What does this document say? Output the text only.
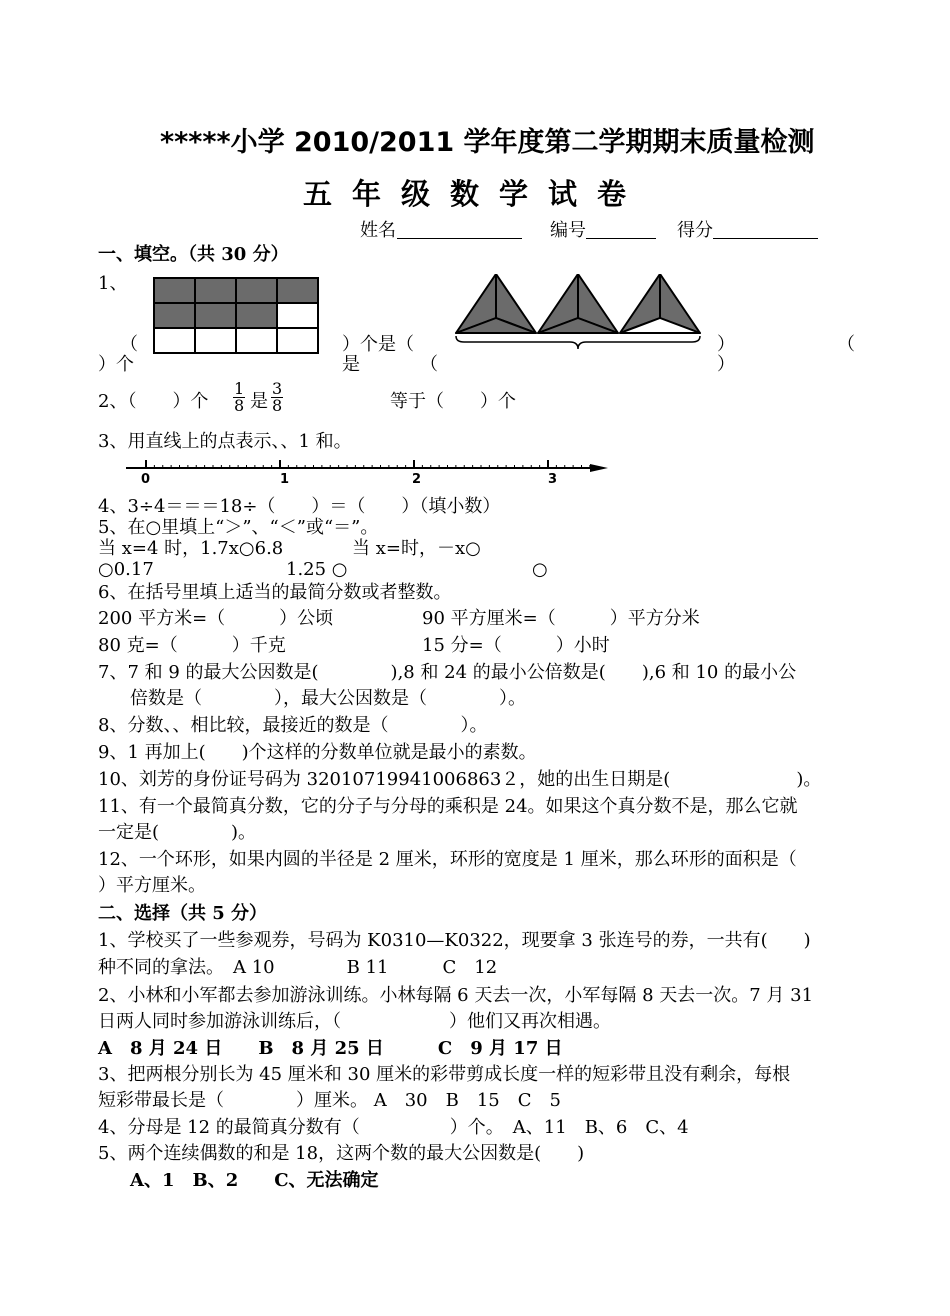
*****小学 2010/2011 学年度第二学期期末质量检测
五年级数学试卷
姓名	编号	得分
一、填空。（共 30 分）
1、
（	）个是（	）	（
）个	是	（	）
2、（　　）个 $\frac{1}{8}$ 是 $\frac{3}{8}$	等于（　　）个
3、用直线上的点表示、、1 和。
0	1	2	3
4、3÷4＝＝＝18÷（　　）＝（　　）（填小数）
5、在○里填上“＞”、“＜”或“＝”。
当 x=4 时，1.7x○6.8	当 x=时，－x○
○0.17	1.25 ○	○
6、在括号里填上适当的最简分数或者整数。
200 平方米=（　　　）公顷	90 平方厘米=（　　　）平方分米
80 克=（　　　）千克	15 分=（　　　）小时
7、7 和 9 的最大公因数是(　　　　),8 和 24 的最小公倍数是(　　),6 和 10 的最小公
倍数是（　　　　），最大公因数是（　　　　）。
8、分数、、相比较，最接近的数是（　　　　）。
9、1 再加上(　　)个这样的分数单位就是最小的素数。
10、刘芳的身份证号码为 32010719941006863２，她的出生日期是(　　　　　　　)。
11、有一个最简真分数，它的分子与分母的乘积是 24。如果这个真分数不是，那么它就
一定是(　　　　)。
12、一个环形，如果内圆的半径是 2 厘米，环形的宽度是 1 厘米，那么环形的面积是（
）平方厘米。
二、选择（共 5 分）
1、学校买了一些参观券，号码为 K0310—K0322，现要拿 3 张连号的券，一共有(　　)
种不同的拿法。　A 10　　　　B 11　　　C　12
2、小林和小军都去参加游泳训练。小林每隔 6 天去一次，小军每隔 8 天去一次。7 月 31
日两人同时参加游泳训练后，（　　　　　　）他们又再次相遇。
A　8 月 24 日　　B　8 月 25 日　　　C　9 月 17 日
3、把两根分别长为 45 厘米和 30 厘米的彩带剪成长度一样的短彩带且没有剩余，每根
短彩带最长是（　　　　）厘米。 A　30　B　15　C　5
4、分母是 12 的最简真分数有（　　　　　）个。　A、11　B、6　C、4
5、两个连续偶数的和是 18，这两个数的最大公因数是(　　)
A、1　B、2　　C、无法确定
